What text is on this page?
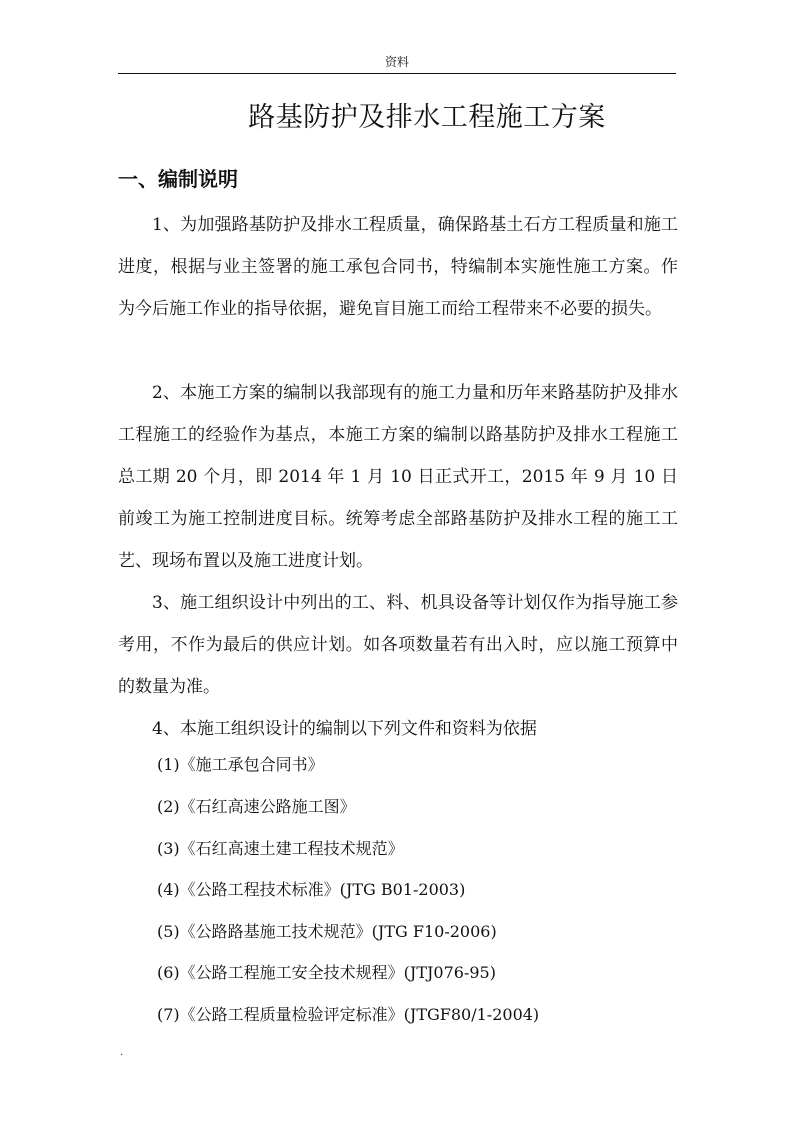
资料
路基防护及排水工程施工方案
一、编制说明

1、为加强路基防护及排水工程质量，确保路基土石方工程质量和施工进度，根据与业主签署的施工承包合同书，特编制本实施性施工方案。作为今后施工作业的指导依据，避免盲目施工而给工程带来不必要的损失。

2、本施工方案的编制以我部现有的施工力量和历年来路基防护及排水工程施工的经验作为基点，本施工方案的编制以路基防护及排水工程施工总工期 20 个月，即 2014 年 1 月 10 日正式开工，2015 年 9 月 10 日前竣工为施工控制进度目标。统筹考虑全部路基防护及排水工程的施工工艺、现场布置以及施工进度计划。

3、施工组织设计中列出的工、料、机具设备等计划仅作为指导施工参考用，不作为最后的供应计划。如各项数量若有出入时，应以施工预算中的数量为准。

4、本施工组织设计的编制以下列文件和资料为依据

(1)《施工承包合同书》

(2)《石红高速公路施工图》

(3)《石红高速土建工程技术规范》

(4)《公路工程技术标准》(JTG B01-2003)

(5)《公路路基施工技术规范》(JTG F10-2006)

(6)《公路工程施工安全技术规程》(JTJ076-95)

(7)《公路工程质量检验评定标准》(JTGF80/1-2004)

.
